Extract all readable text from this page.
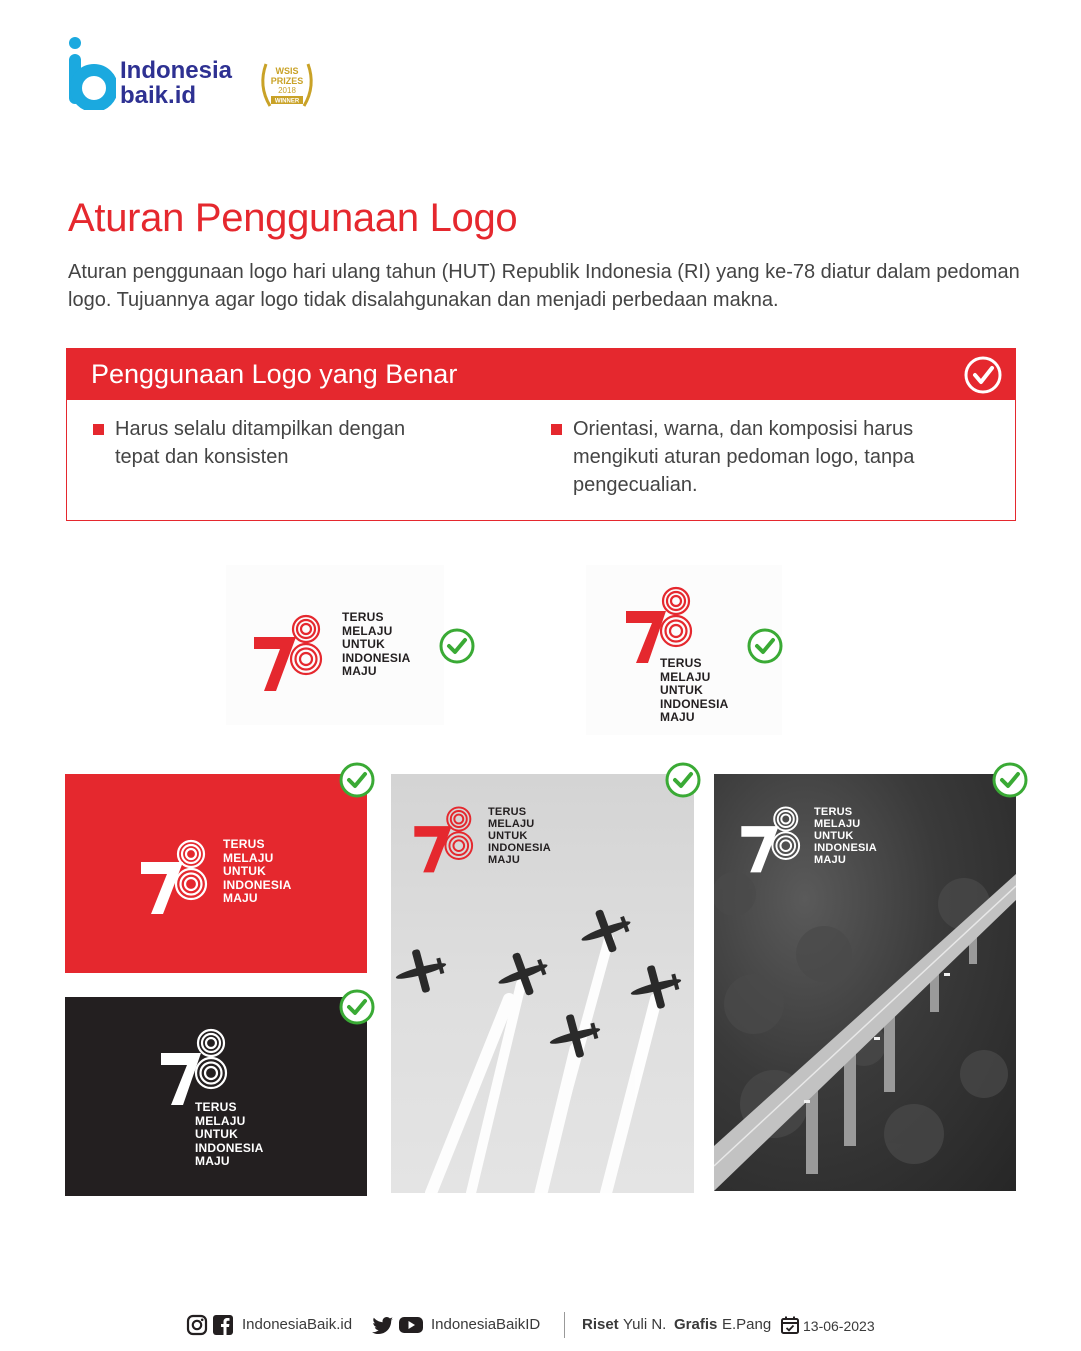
Indonesia
baik.id
WSIS
PRIZES
2018
WINNER
Aturan Penggunaan Logo

Aturan penggunaan logo hari ulang tahun (HUT) Republik Indonesia (RI) yang ke-78 diatur dalam pedoman logo. Tujuannya agar logo tidak disalahgunakan dan menjadi perbedaan makna.

Penggunaan Logo yang Benar
Harus selalu ditampilkan dengan tepat dan konsisten
Orientasi, warna, dan komposisi harus mengikuti aturan pedoman logo, tanpa pengecualian.
TERUS
MELAJU
UNTUK
INDONESIA
MAJU
TERUS
MELAJU
UNTUK
INDONESIA
MAJU
TERUS
MELAJU
UNTUK
INDONESIA
MAJU
TERUS
MELAJU
UNTUK
INDONESIA
MAJU
TERUS
MELAJU
UNTUK
INDONESIA
MAJU
TERUS
MELAJU
UNTUK
INDONESIA
MAJU
IndonesiaBaik.id	IndonesiaBaikID	Riset Yuli N. Grafis E.Pang 13-06-2023
